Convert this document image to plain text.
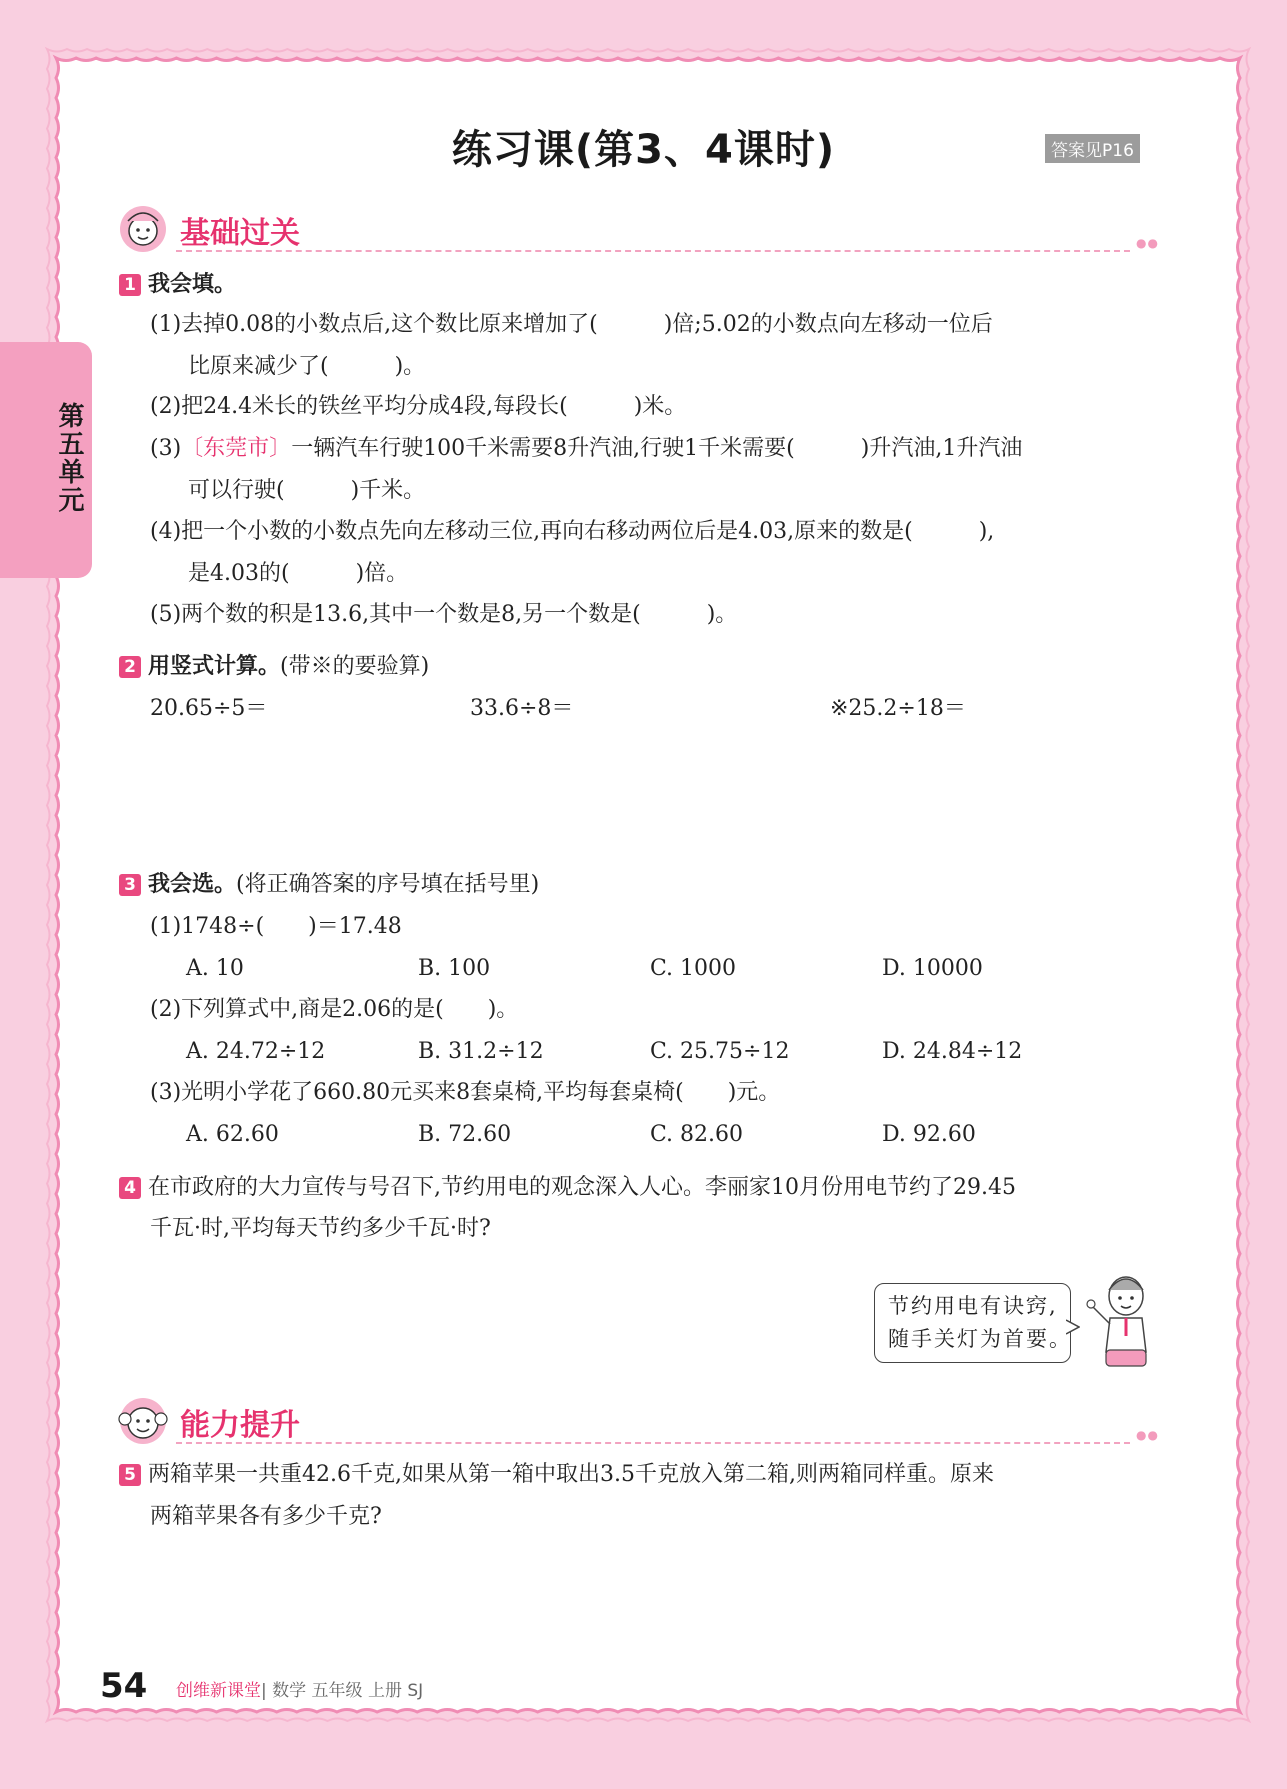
第五单元
练习课(第3、4课时)	答案见P16
基础过关	●●
1 我会填。
(1)去掉0.08的小数点后,这个数比原来增加了(　　　)倍;5.02的小数点向左移动一位后
比原来减少了(　　　)。
(2)把24.4米长的铁丝平均分成4段,每段长(　　　)米。
(3)〔东莞市〕一辆汽车行驶100千米需要8升汽油,行驶1千米需要(　　　)升汽油,1升汽油
可以行驶(　　　)千米。
(4)把一个小数的小数点先向左移动三位,再向右移动两位后是4.03,原来的数是(　　　),
是4.03的(　　　)倍。
(5)两个数的积是13.6,其中一个数是8,另一个数是(　　　)。
2 用竖式计算。(带※的要验算)
20.65÷5＝	33.6÷8＝	※25.2÷18＝
3 我会选。(将正确答案的序号填在括号里)
(1)1748÷(　　)＝17.48
A. 10	B. 100	C. 1000	D. 10000
(2)下列算式中,商是2.06的是(　　)。
A. 24.72÷12	B. 31.2÷12	C. 25.75÷12	D. 24.84÷12
(3)光明小学花了660.80元买来8套桌椅,平均每套桌椅(　　)元。
A. 62.60	B. 72.60	C. 82.60	D. 92.60
4 在市政府的大力宣传与号召下,节约用电的观念深入人心。李丽家10月份用电节约了29.45
千瓦·时,平均每天节约多少千瓦·时?
节约用电有诀窍,
随手关灯为首要。
能力提升	●●
5 两箱苹果一共重42.6千克,如果从第一箱中取出3.5千克放入第二箱,则两箱同样重。原来
两箱苹果各有多少千克?
54 创维新课堂| 数学 五年级 上册 SJ
